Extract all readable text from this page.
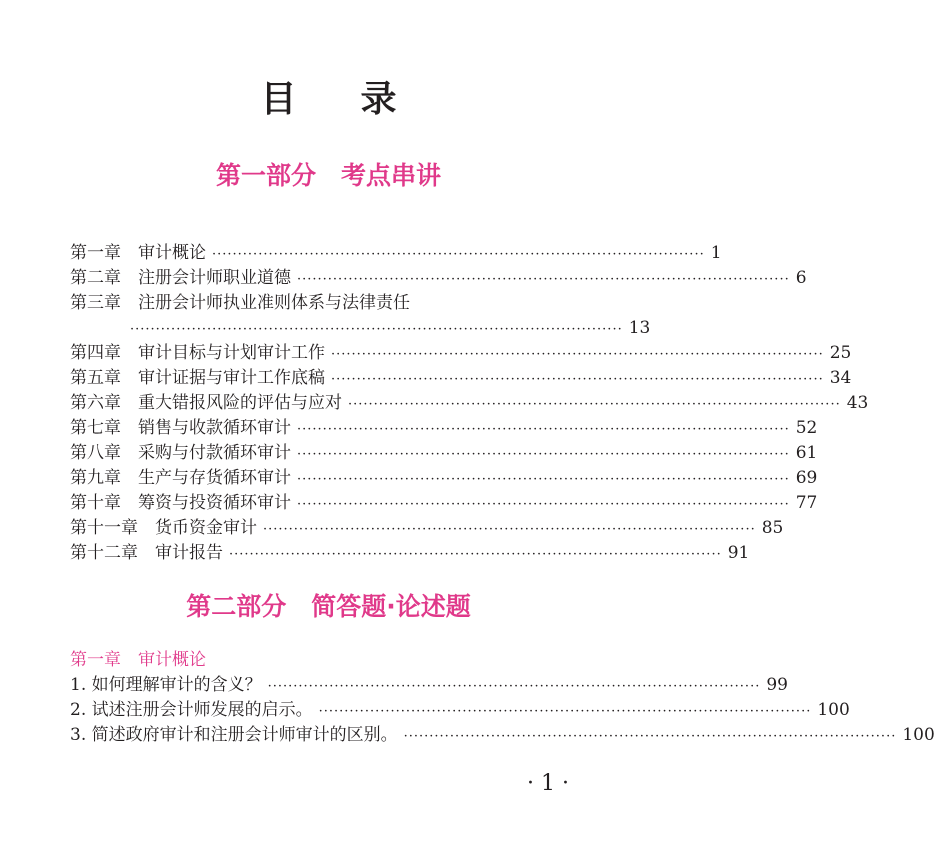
目录
第一部分　考点串讲
第一章　审计概论 ································································································ 1
第二章　注册会计师职业道德 ································································································ 6
第三章　注册会计师执业准则体系与法律责任
································································································ 13
第四章　审计目标与计划审计工作 ································································································ 25
第五章　审计证据与审计工作底稿 ································································································ 34
第六章　重大错报风险的评估与应对 ································································································ 43
第七章　销售与收款循环审计 ································································································ 52
第八章　采购与付款循环审计 ································································································ 61
第九章　生产与存货循环审计 ································································································ 69
第十章　筹资与投资循环审计 ································································································ 77
第十一章　货币资金审计 ································································································ 85
第十二章　审计报告 ································································································ 91
第二部分　简答题·论述题
第一章　审计概论
1. 如何理解审计的含义？ ································································································ 99
2. 试述注册会计师发展的启示。 ································································································ 100
3. 简述政府审计和注册会计师审计的区别。 ································································································ 100
· 1 ·
